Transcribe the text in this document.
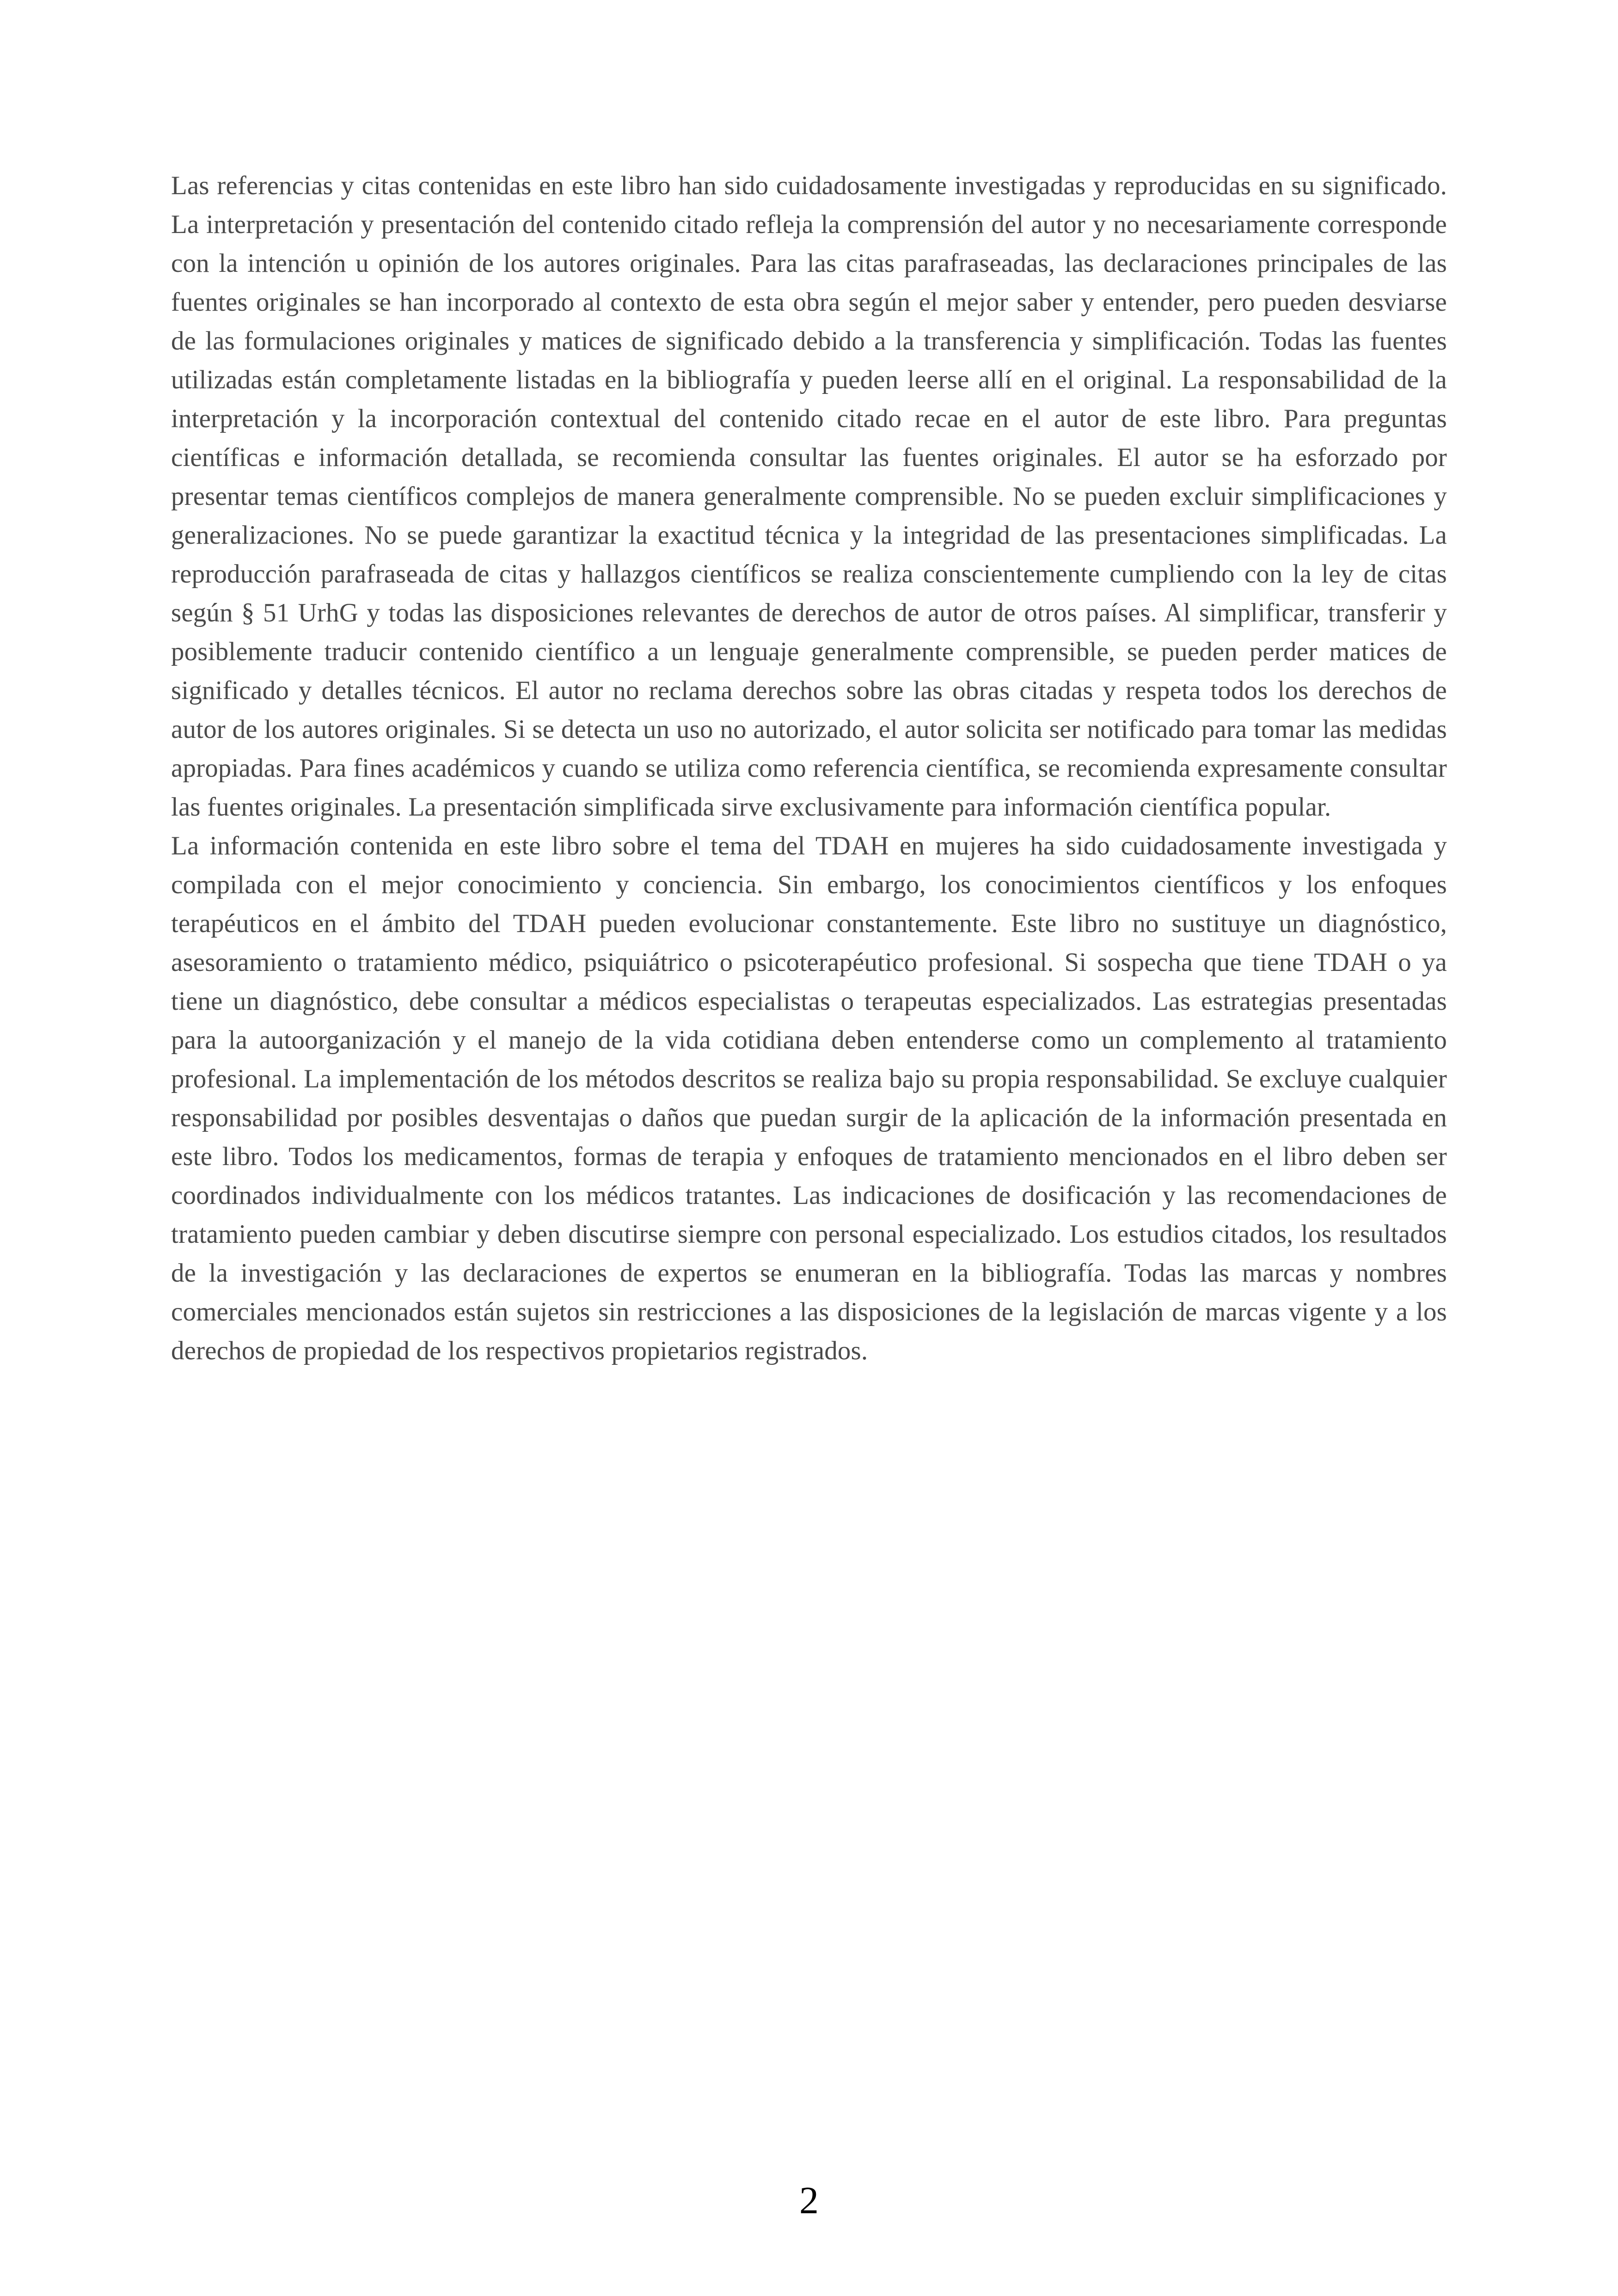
Las referencias y citas contenidas en este libro han sido cuidadosamente investigadas y reproducidas en su significado. La interpretación y presentación del contenido citado refleja la comprensión del autor y no necesariamente corresponde con la intención u opinión de los autores originales. Para las citas parafraseadas, las declaraciones principales de las fuentes originales se han incorporado al contexto de esta obra según el mejor saber y entender, pero pueden desviarse de las formulaciones originales y matices de significado debido a la transferencia y simplificación. Todas las fuentes utilizadas están completamente listadas en la bibliografía y pueden leerse allí en el original. La responsabilidad de la interpretación y la incorporación contextual del contenido citado recae en el autor de este libro. Para preguntas científicas e información detallada, se recomienda consultar las fuentes originales. El autor se ha esforzado por presentar temas científicos complejos de manera generalmente comprensible. No se pueden excluir simplificaciones y generalizaciones. No se puede garantizar la exactitud técnica y la integridad de las presentaciones simplificadas. La reproducción parafraseada de citas y hallazgos científicos se realiza conscientemente cumpliendo con la ley de citas según § 51 UrhG y todas las disposiciones relevantes de derechos de autor de otros países. Al simplificar, transferir y posiblemente traducir contenido científico a un lenguaje generalmente comprensible, se pueden perder matices de significado y detalles técnicos. El autor no reclama derechos sobre las obras citadas y respeta todos los derechos de autor de los autores originales. Si se detecta un uso no autorizado, el autor solicita ser notificado para tomar las medidas apropiadas. Para fines académicos y cuando se utiliza como referencia científica, se recomienda expresamente consultar las fuentes originales. La presentación simplificada sirve exclusivamente para información científica popular.

La información contenida en este libro sobre el tema del TDAH en mujeres ha sido cuidadosamente investigada y compilada con el mejor conocimiento y conciencia. Sin embargo, los conocimientos científicos y los enfoques terapéuticos en el ámbito del TDAH pueden evolucionar constantemente. Este libro no sustituye un diagnóstico, asesoramiento o tratamiento médico, psiquiátrico o psicoterapéutico profesional. Si sospecha que tiene TDAH o ya tiene un diagnóstico, debe consultar a médicos especialistas o terapeutas especializados. Las estrategias presentadas para la autoorganización y el manejo de la vida cotidiana deben entenderse como un complemento al tratamiento profesional. La implementación de los métodos descritos se realiza bajo su propia responsabilidad. Se excluye cualquier responsabilidad por posibles desventajas o daños que puedan surgir de la aplicación de la información presentada en este libro. Todos los medicamentos, formas de terapia y enfoques de tratamiento mencionados en el libro deben ser coordinados individualmente con los médicos tratantes. Las indicaciones de dosificación y las recomendaciones de tratamiento pueden cambiar y deben discutirse siempre con personal especializado. Los estudios citados, los resultados de la investigación y las declaraciones de expertos se enumeran en la bibliografía. Todas las marcas y nombres comerciales mencionados están sujetos sin restricciones a las disposiciones de la legislación de marcas vigente y a los derechos de propiedad de los respectivos propietarios registrados.

2
